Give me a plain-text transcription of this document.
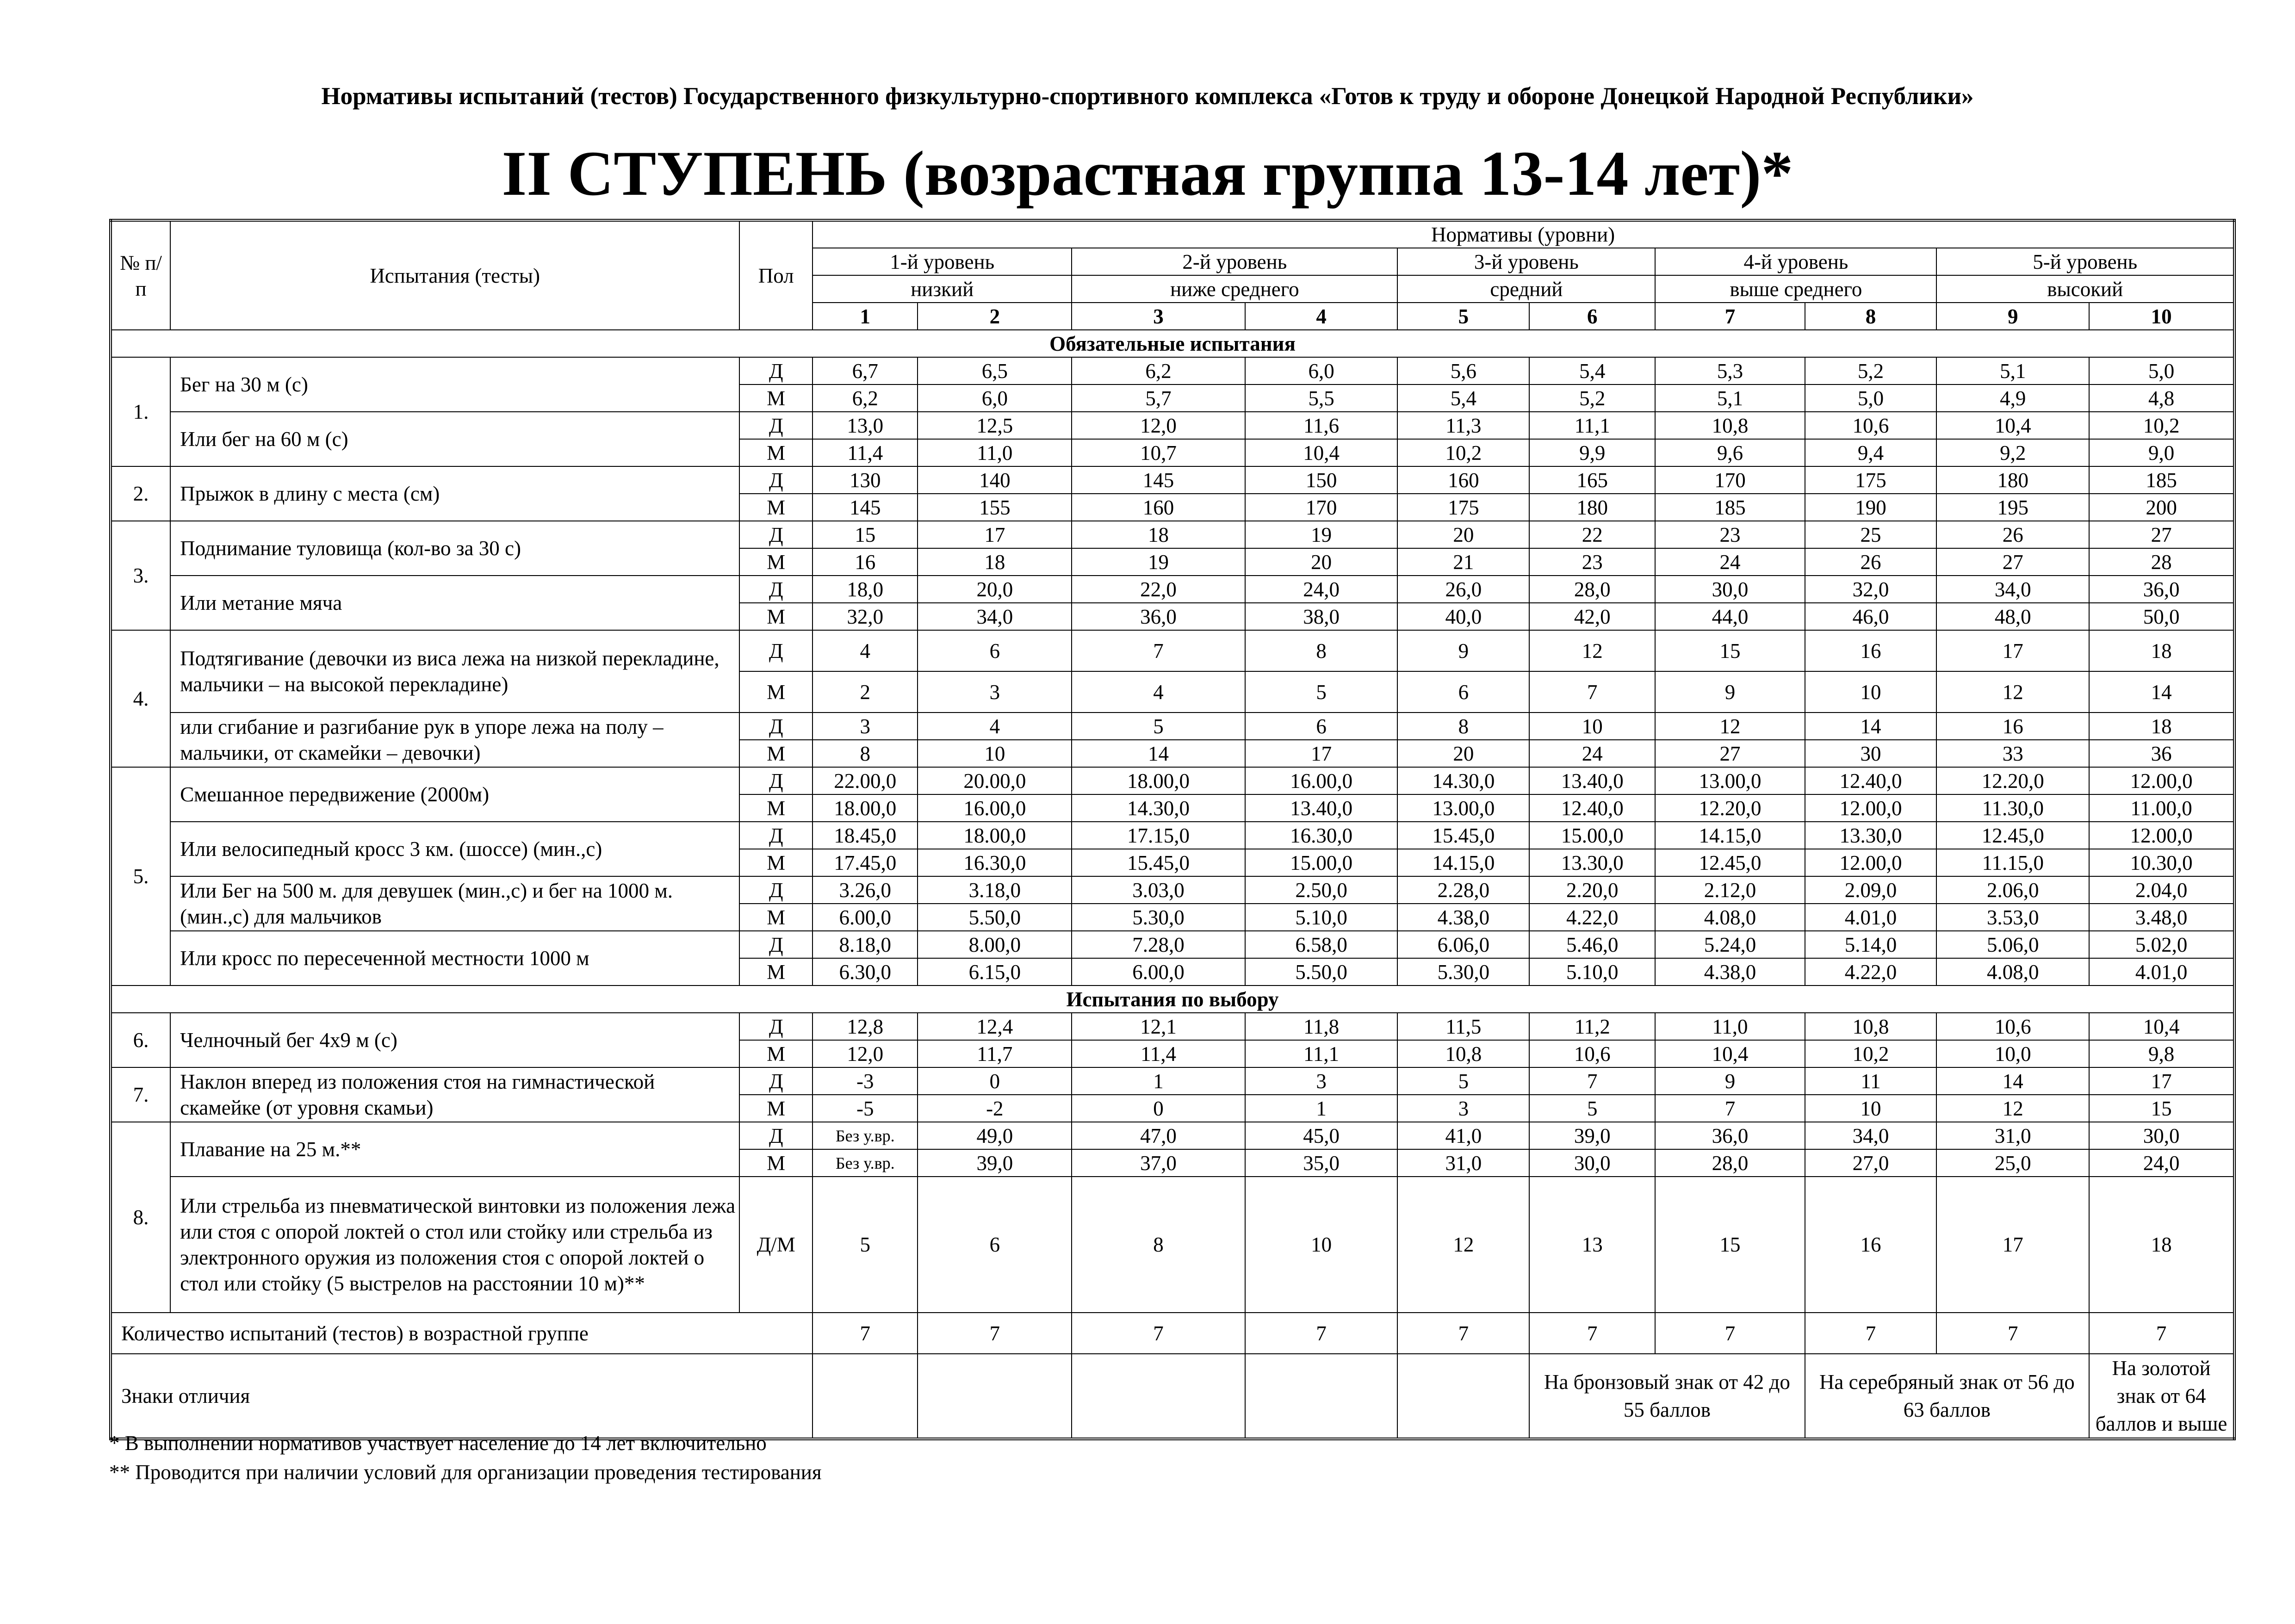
Нормативы испытаний (тестов) Государственного физкультурно-спортивного комплекса «Готов к труду и обороне Донецкой Народной Республики»
II СТУПЕНЬ (возрастная группа 13-14 лет)*
№ п/п	Испытания (тесты)	Пол	Нормативы (уровни)									
			1-й уровень		2-й уровень		3-й уровень		4-й уровень		5-й уровень	
			низкий		ниже среднего		средний		выше среднего		высокий	
			1	2	3	4	5	6	7	8	9	10
Обязательные испытания												
1.	Бег на 30 м (с)	Д	6,7	6,5	6,2	6,0	5,6	5,4	5,3	5,2	5,1	5,0
		М	6,2	6,0	5,7	5,5	5,4	5,2	5,1	5,0	4,9	4,8
	Или бег на 60 м (с)	Д	13,0	12,5	12,0	11,6	11,3	11,1	10,8	10,6	10,4	10,2
		М	11,4	11,0	10,7	10,4	10,2	9,9	9,6	9,4	9,2	9,0
2.	Прыжок в длину с места (см)	Д	130	140	145	150	160	165	170	175	180	185
		М	145	155	160	170	175	180	185	190	195	200
3.	Поднимание туловища (кол-во за 30 с)	Д	15	17	18	19	20	22	23	25	26	27
		М	16	18	19	20	21	23	24	26	27	28
	Или метание мяча	Д	18,0	20,0	22,0	24,0	26,0	28,0	30,0	32,0	34,0	36,0
		М	32,0	34,0	36,0	38,0	40,0	42,0	44,0	46,0	48,0	50,0
4.	Подтягивание (девочки из виса лежа на низкой перекладине, мальчики – на высокой перекладине)	Д	4	6	7	8	9	12	15	16	17	18
		М	2	3	4	5	6	7	9	10	12	14
	или сгибание и разгибание рук в упоре лежа на полу – мальчики, от скамейки – девочки)	Д	3	4	5	6	8	10	12	14	16	18
		М	8	10	14	17	20	24	27	30	33	36
5.	Смешанное передвижение (2000м)	Д	22.00,0	20.00,0	18.00,0	16.00,0	14.30,0	13.40,0	13.00,0	12.40,0	12.20,0	12.00,0
		М	18.00,0	16.00,0	14.30,0	13.40,0	13.00,0	12.40,0	12.20,0	12.00,0	11.30,0	11.00,0
	Или велосипедный кросс 3 км. (шоссе) (мин.,с)	Д	18.45,0	18.00,0	17.15,0	16.30,0	15.45,0	15.00,0	14.15,0	13.30,0	12.45,0	12.00,0
		М	17.45,0	16.30,0	15.45,0	15.00,0	14.15,0	13.30,0	12.45,0	12.00,0	11.15,0	10.30,0
	Или Бег на 500 м. для девушек (мин.,с) и бег на 1000 м. (мин.,с) для мальчиков	Д	3.26,0	3.18,0	3.03,0	2.50,0	2.28,0	2.20,0	2.12,0	2.09,0	2.06,0	2.04,0
		М	6.00,0	5.50,0	5.30,0	5.10,0	4.38,0	4.22,0	4.08,0	4.01,0	3.53,0	3.48,0
	Или кросс по пересеченной местности 1000 м	Д	8.18,0	8.00,0	7.28,0	6.58,0	6.06,0	5.46,0	5.24,0	5.14,0	5.06,0	5.02,0
		М	6.30,0	6.15,0	6.00,0	5.50,0	5.30,0	5.10,0	4.38,0	4.22,0	4.08,0	4.01,0
Испытания по выбору												
6.	Челночный бег 4х9 м (с)	Д	12,8	12,4	12,1	11,8	11,5	11,2	11,0	10,8	10,6	10,4
		М	12,0	11,7	11,4	11,1	10,8	10,6	10,4	10,2	10,0	9,8
7.	Наклон вперед из положения стоя на гимнастической скамейке (от уровня скамьи)	Д	-3	0	1	3	5	7	9	11	14	17
		М	-5	-2	0	1	3	5	7	10	12	15
8.	Плавание на 25 м.**	Д	Без у.вр.	49,0	47,0	45,0	41,0	39,0	36,0	34,0	31,0	30,0
		М	Без у.вр.	39,0	37,0	35,0	31,0	30,0	28,0	27,0	25,0	24,0
	Или стрельба из пневматической винтовки из положения лежа или стоя с опорой локтей о стол или стойку или стрельба из электронного оружия из положения стоя с опорой локтей о стол или стойку (5 выстрелов на расстоянии 10 м)**	Д/М	5	6	8	10	12	13	15	16	17	18
Количество испытаний (тестов) в возрастной группе			7	7	7	7	7	7	7	7	7	7
Знаки отличия								На бронзовый знак от 42 до 55 баллов		На серебряный знак от 56 до 63 баллов		На золотой знак от 64 баллов и выше
* В выполнении нормативов участвует население до 14 лет включительно
** Проводится при наличии условий для организации проведения тестирования
